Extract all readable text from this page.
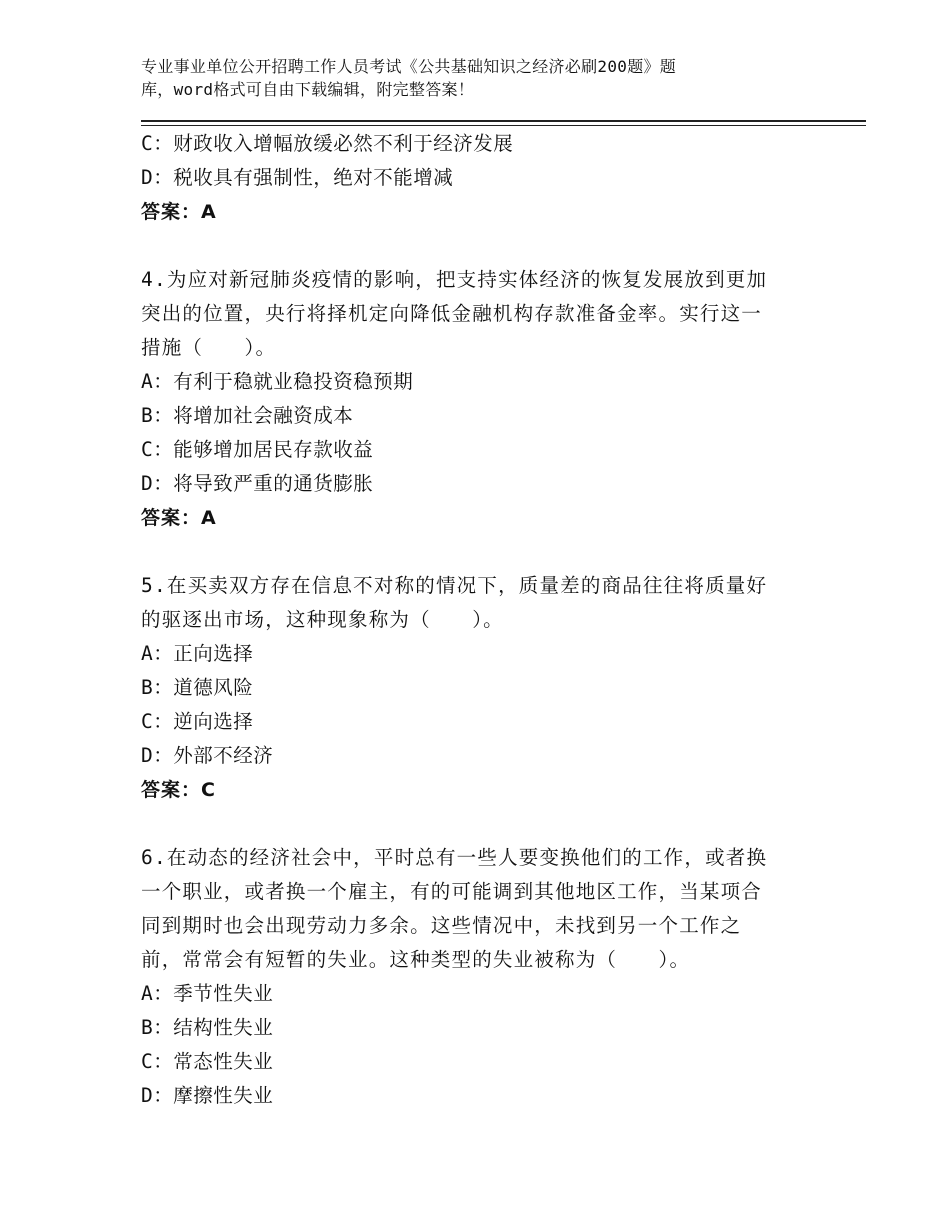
专业事业单位公开招聘工作人员考试《公共基础知识之经济必刷200题》题
库，word格式可自由下载编辑，附完整答案！
C：财政收入增幅放缓必然不利于经济发展
D：税收具有强制性，绝对不能增减
答案：A
4.为应对新冠肺炎疫情的影响，把支持实体经济的恢复发展放到更加
突出的位置，央行将择机定向降低金融机构存款准备金率。实行这一
措施（　　）。
A：有利于稳就业稳投资稳预期
B：将增加社会融资成本
C：能够增加居民存款收益
D：将导致严重的通货膨胀
答案：A
5.在买卖双方存在信息不对称的情况下，质量差的商品往往将质量好
的驱逐出市场，这种现象称为（　　）。
A：正向选择
B：道德风险
C：逆向选择
D：外部不经济
答案：C
6.在动态的经济社会中，平时总有一些人要变换他们的工作，或者换
一个职业，或者换一个雇主，有的可能调到其他地区工作，当某项合
同到期时也会出现劳动力多余。这些情况中，未找到另一个工作之
前，常常会有短暂的失业。这种类型的失业被称为（　　）。
A：季节性失业
B：结构性失业
C：常态性失业
D：摩擦性失业
